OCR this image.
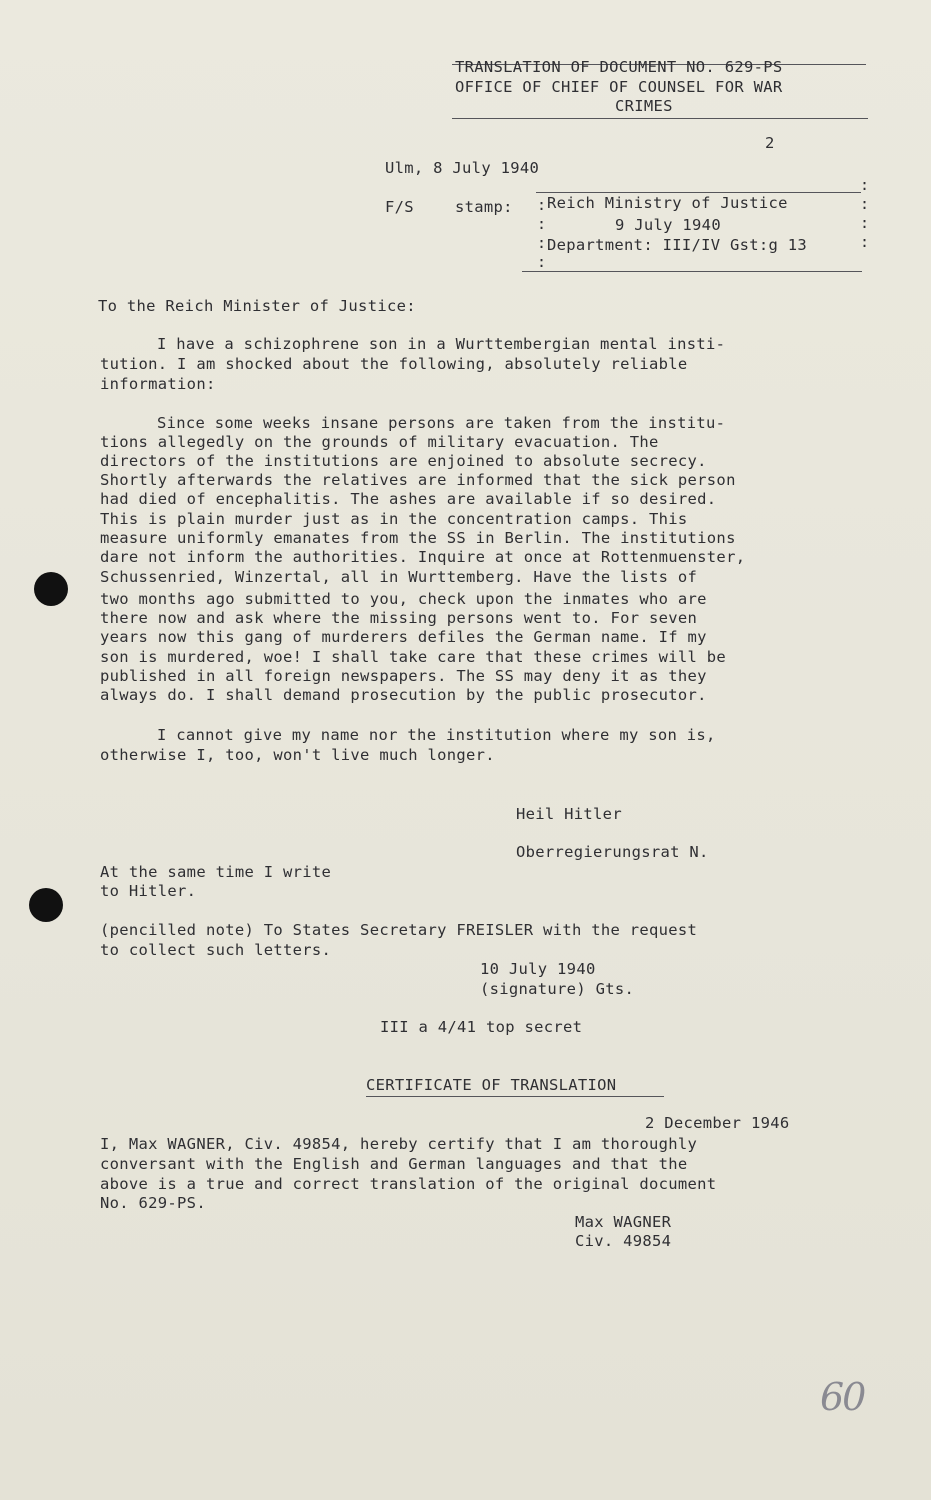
TRANSLATION OF DOCUMENT NO. 629-PS
OFFICE OF CHIEF OF COUNSEL FOR WAR
CRIMES
2
Ulm, 8 July 1940
F/S	stamp: Reich Ministry of Justice
9 July 1940
Department: III/IV Gst:g 13
:
:
:
:
:
:
:
:
To the Reich Minister of Justice:
I have a schizophrene son in a Wurttembergian mental insti-
tution. I am shocked about the following, absolutely reliable
information:
Since some weeks insane persons are taken from the institu-
tions allegedly on the grounds of military evacuation. The
directors of the institutions are enjoined to absolute secrecy.
Shortly afterwards the relatives are informed that the sick person
had died of encephalitis. The ashes are available if so desired.
This is plain murder just as in the concentration camps. This
measure uniformly emanates from the SS in Berlin. The institutions
dare not inform the authorities. Inquire at once at Rottenmuenster,
Schussenried, Winzertal, all in Wurttemberg. Have the lists of
two months ago submitted to you, check upon the inmates who are
there now and ask where the missing persons went to. For seven
years now this gang of murderers defiles the German name. If my
son is murdered, woe! I shall take care that these crimes will be
published in all foreign newspapers. The SS may deny it as they
always do. I shall demand prosecution by the public prosecutor.
I cannot give my name nor the institution where my son is,
otherwise I, too, won't live much longer.
Heil Hitler
Oberregierungsrat N.
At the same time I write
to Hitler.
(pencilled note) To States Secretary FREISLER with the request
to collect such letters.
10 July 1940
(signature) Gts.
III a 4/41 top secret
CERTIFICATE OF TRANSLATION
2 December 1946
I, Max WAGNER, Civ. 49854, hereby certify that I am thoroughly
conversant with the English and German languages and that the
above is a true and correct translation of the original document
No. 629-PS.
Max WAGNER
Civ. 49854
60
